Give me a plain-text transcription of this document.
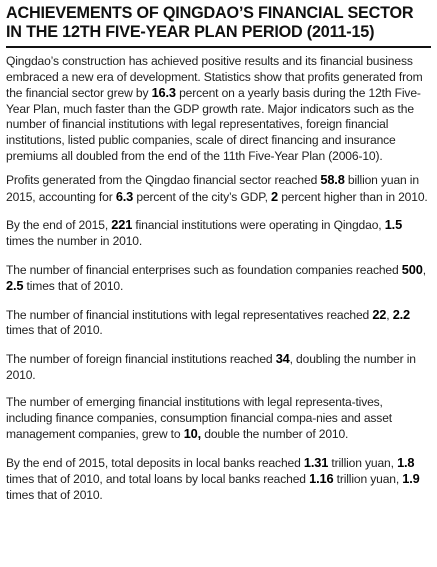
ACHIEVEMENTS OF QINGDAO’S FINANCIAL SECTOR
IN THE 12TH FIVE-YEAR PLAN PERIOD (2011-15)

Qingdao’s construction has achieved positive results and its financial business embraced a new era of development. Statistics show that profits generated from the financial sector grew by 16.3 percent on a yearly basis during the 12th Five-Year Plan, much faster than the GDP growth rate. Major indicators such as the number of financial institutions with legal representatives, foreign financial institutions, listed public companies, scale of direct financing and insurance premiums all doubled from the end of the 11th Five-Year Plan (2006-10).

Profits generated from the Qingdao financial sector reached 58.8 billion yuan in 2015, accounting for 6.3 percent of the city’s GDP, 2 percent higher than in 2010.

By the end of 2015, 221 financial institutions were operating in Qingdao, 1.5 times the number in 2010.

The number of financial enterprises such as foundation companies reached 500, 2.5 times that of 2010.

The number of financial institutions with legal representatives reached 22, 2.2 times that of 2010.

The number of foreign financial institutions reached 34, doubling the number in 2010.

The number of emerging financial institutions with legal representa-tives, including finance companies, consumption financial compa-nies and asset management companies, grew to 10, double the number of 2010.

By the end of 2015, total deposits in local banks reached 1.31 trillion yuan, 1.8 times that of 2010, and total loans by local banks reached 1.16 trillion yuan, 1.9 times that of 2010.
